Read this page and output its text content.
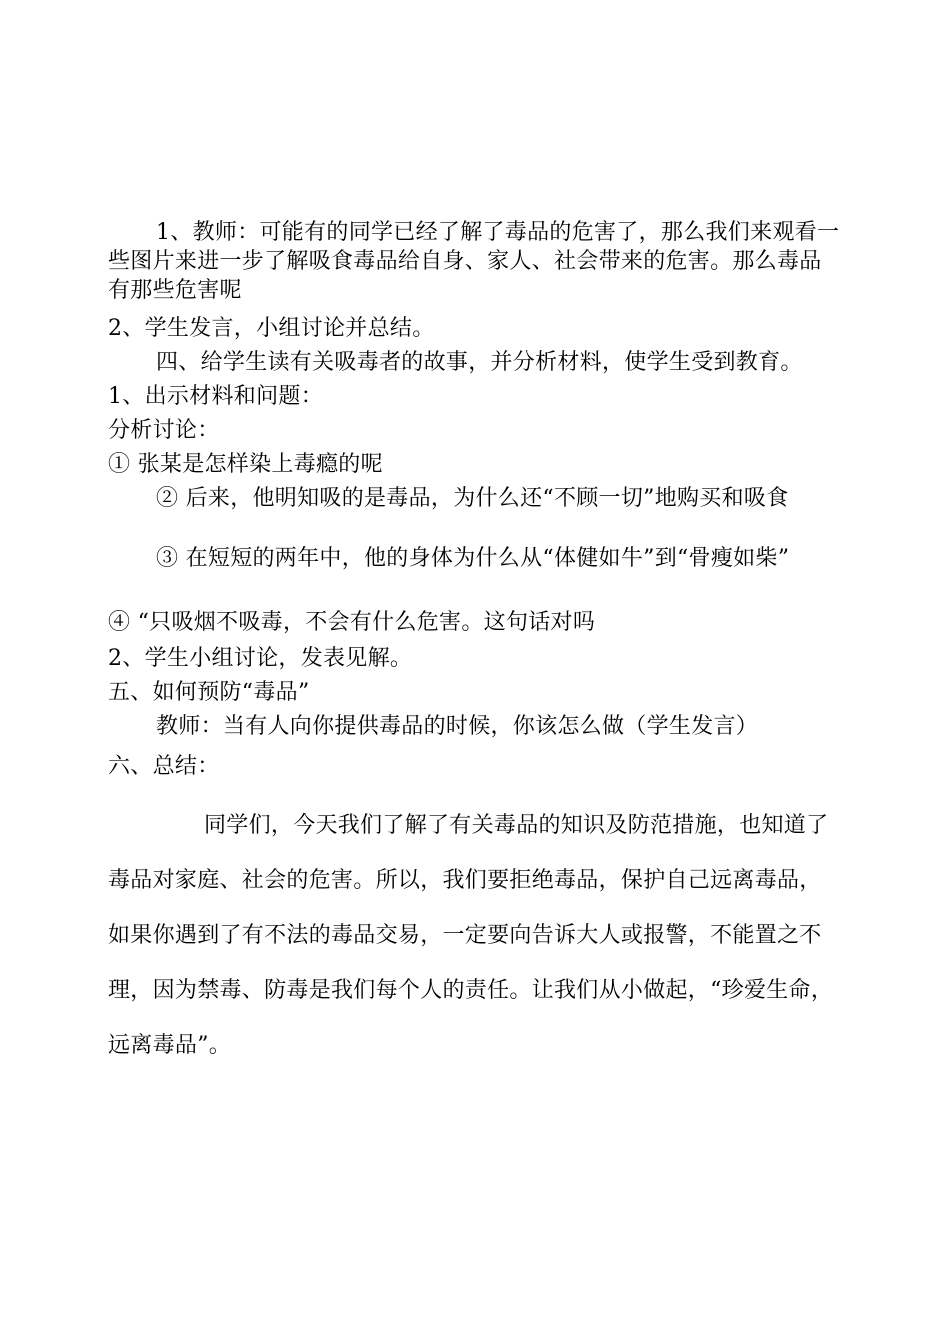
1、教师：可能有的同学已经了解了毒品的危害了，那么我们来观看一些图片来进一步了解吸食毒品给自身、家人、社会带来的危害。那么毒品有那些危害呢

2、学生发言，小组讨论并总结。

四、给学生读有关吸毒者的故事，并分析材料，使学生受到教育。

1、出示材料和问题：

分析讨论：

① 张某是怎样染上毒瘾的呢

② 后来，他明知吸的是毒品，为什么还“不顾一切”地购买和吸食

③ 在短短的两年中，他的身体为什么从“体健如牛”到“骨瘦如柴”

④ “只吸烟不吸毒，不会有什么危害。这句话对吗

2、学生小组讨论，发表见解。

五、如何预防“毒品”

教师：当有人向你提供毒品的时候，你该怎么做（学生发言）

六、总结：

同学们，今天我们了解了有关毒品的知识及防范措施，也知道了毒品对家庭、社会的危害。所以，我们要拒绝毒品，保护自己远离毒品，如果你遇到了有不法的毒品交易，一定要向告诉大人或报警，不能置之不理，因为禁毒、防毒是我们每个人的责任。让我们从小做起，“珍爱生命，远离毒品”。
